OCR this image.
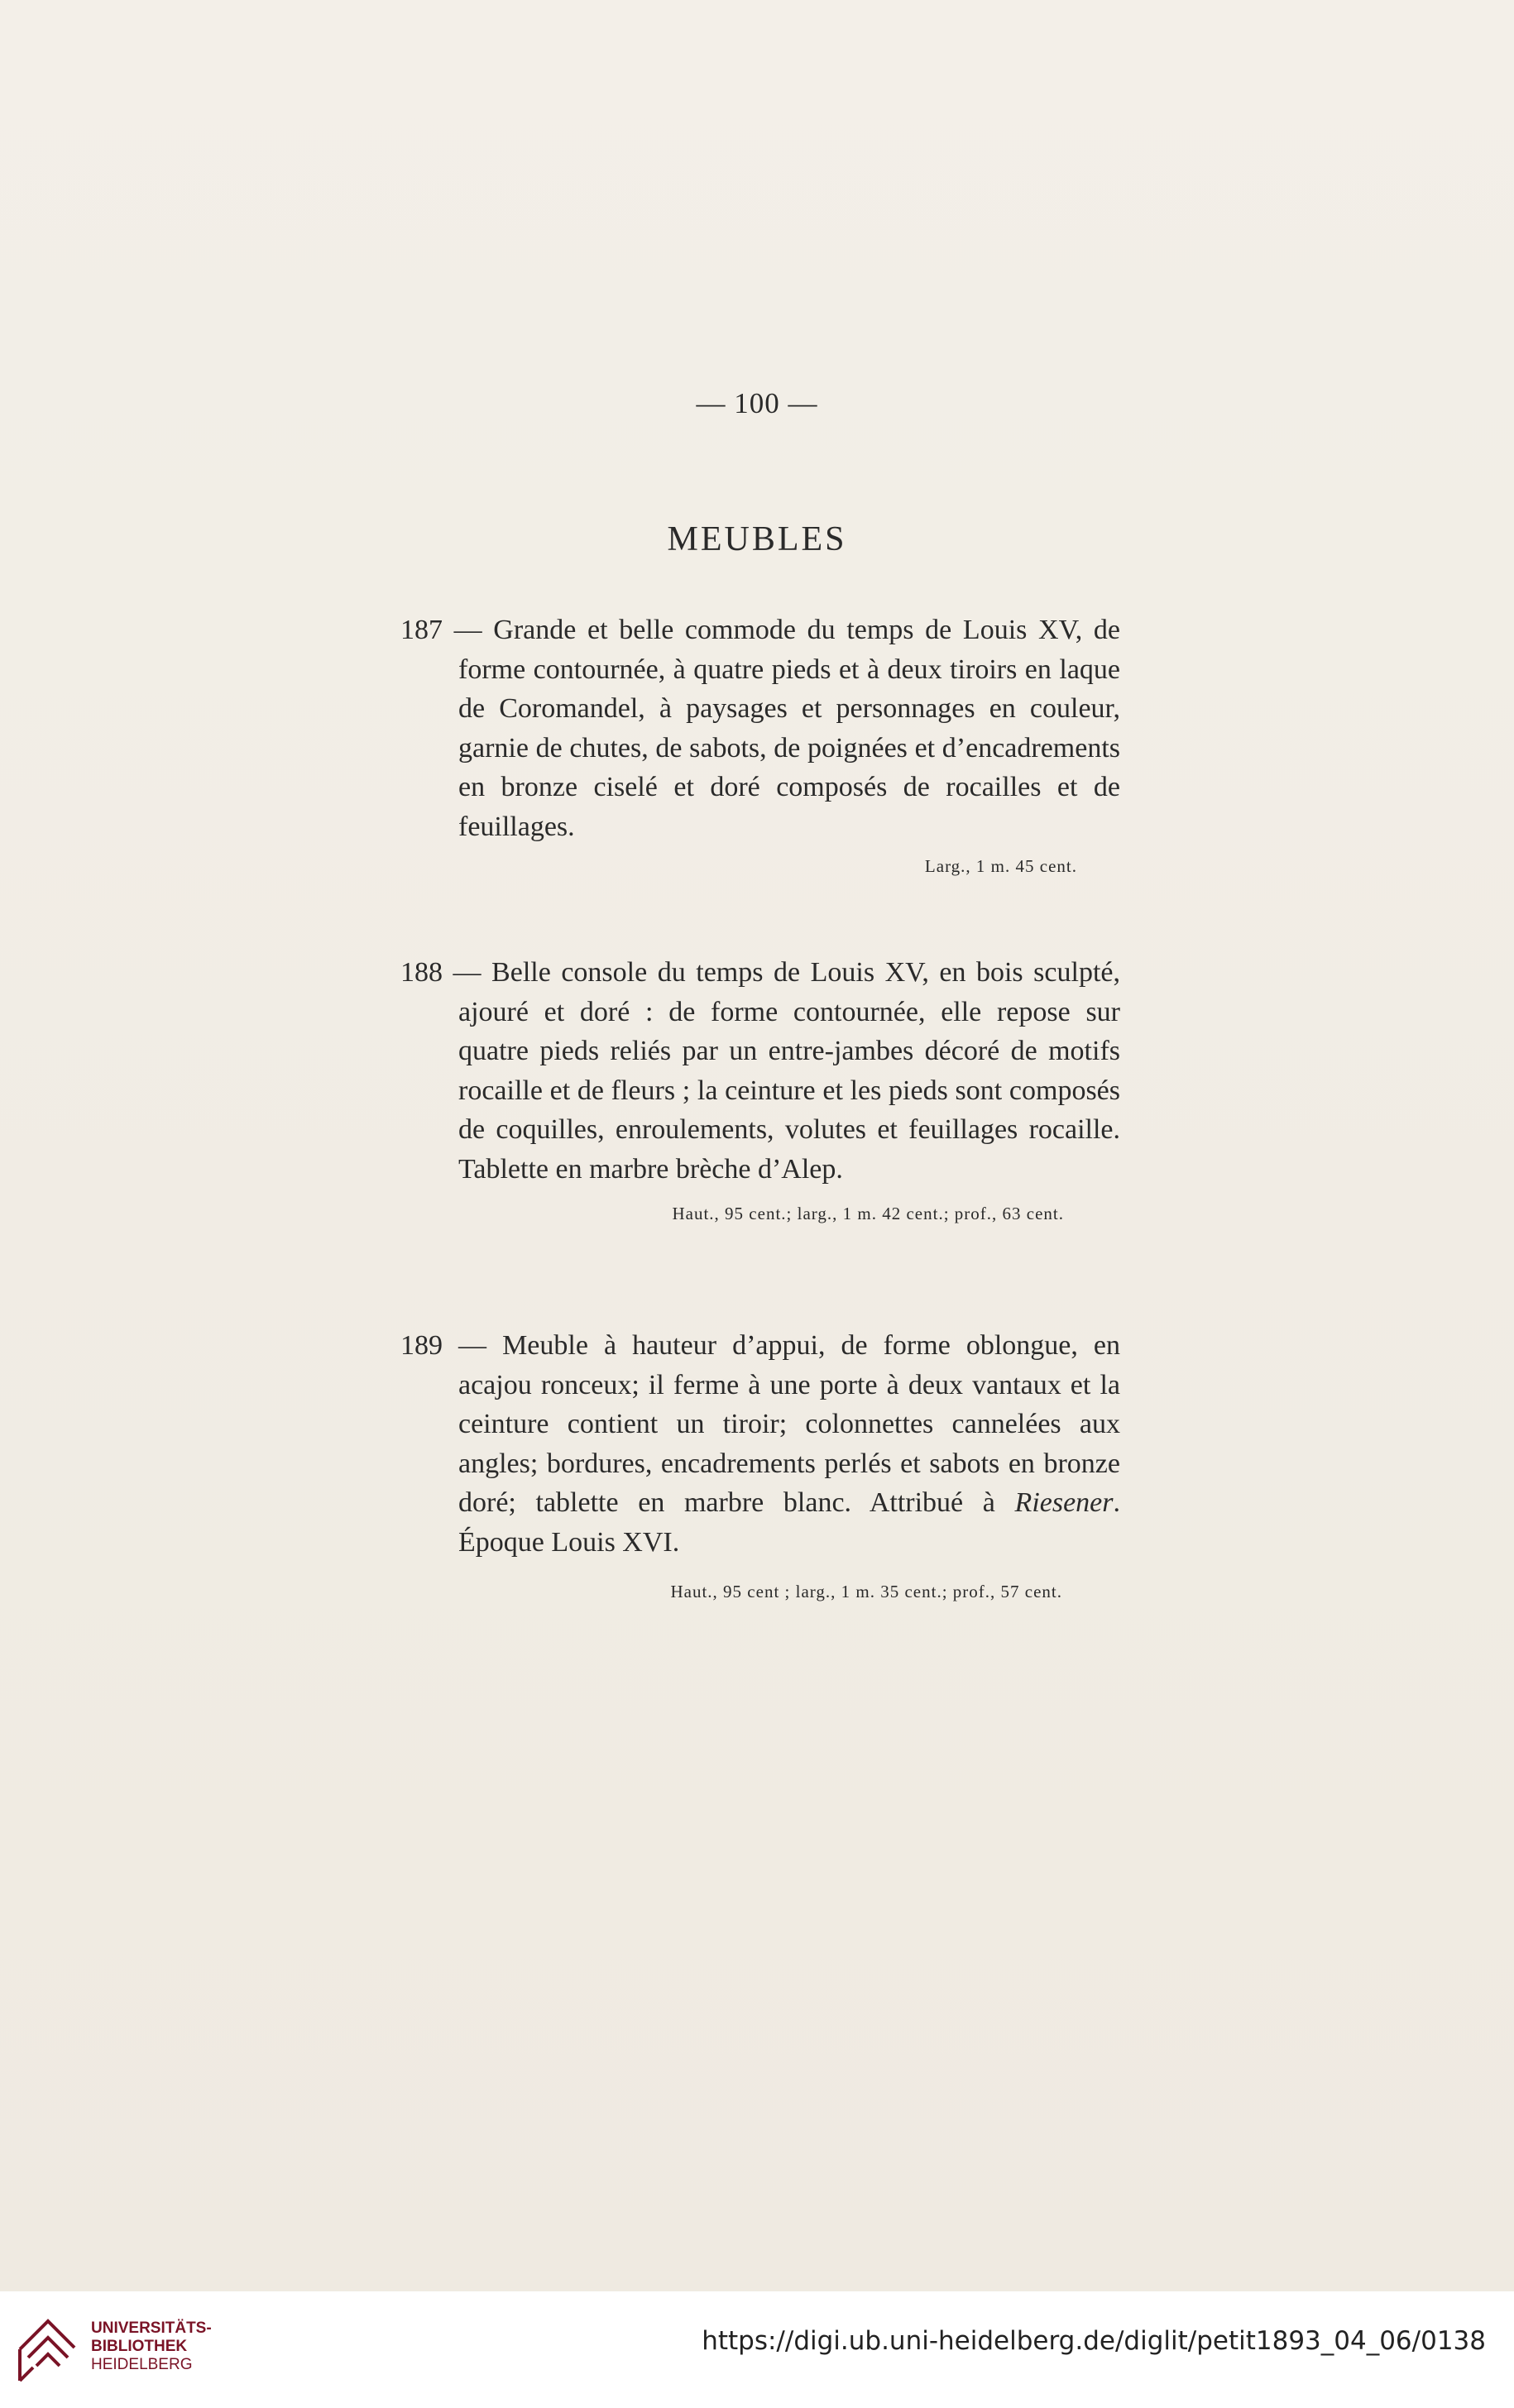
— 100 —
MEUBLES
187 — Grande et belle commode du temps de Louis XV, de forme contournée, à quatre pieds et à deux tiroirs en laque de Coromandel, à paysages et personnages en couleur, garnie de chutes, de sabots, de poignées et d’encadrements en bronze ciselé et doré composés de rocailles et de feuillages.
Larg., 1 m. 45 cent.
188 — Belle console du temps de Louis XV, en bois sculpté, ajouré et doré : de forme contournée, elle repose sur quatre pieds reliés par un entre-jambes décoré de motifs rocaille et de fleurs ; la ceinture et les pieds sont composés de coquilles, enroulements, volutes et feuillages rocaille. Tablette en marbre brèche d’Alep.
Haut., 95 cent.; larg., 1 m. 42 cent.; prof., 63 cent.
189 — Meuble à hauteur d’appui, de forme oblongue, en acajou ronceux; il ferme à une porte à deux vantaux et la ceinture contient un tiroir; colonnettes cannelées aux angles; bordures, encadrements perlés et sabots en bronze doré; tablette en marbre blanc. Attribué à Riesener. Époque Louis XVI.
Haut., 95 cent ; larg., 1 m. 35 cent.; prof., 57 cent.
UNIVERSITÄTS-
BIBLIOTHEK
HEIDELBERG
https://digi.ub.uni-heidelberg.de/diglit/petit1893_04_06/0138
